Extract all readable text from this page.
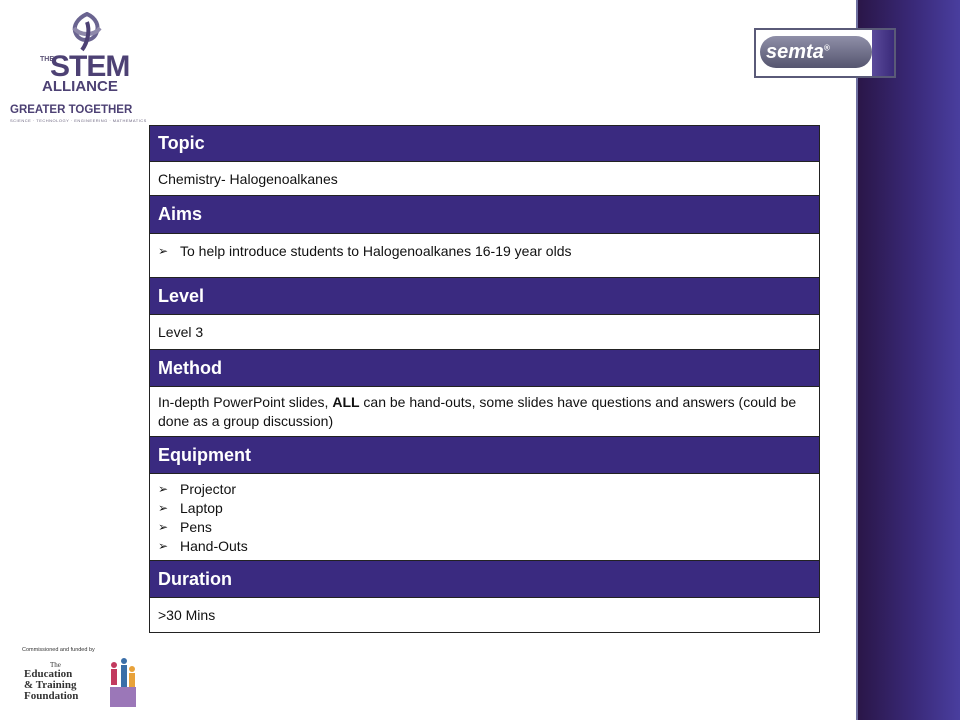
THE
STEM
ALLIANCE
GREATER TOGETHER
SCIENCE · TECHNOLOGY · ENGINEERING · MATHEMATICS
semta®
Topic
Chemistry- Halogenoalkanes
Aims
➢ To help introduce students to Halogenoalkanes 16-19 year olds
Level
Level 3
Method
In-depth PowerPoint slides, ALL can be hand-outs, some slides have questions and answers (could be done as a group discussion)
Equipment
➢ Projector
➢ Laptop
➢ Pens
➢ Hand-Outs
Duration
>30 Mins
Commissioned and funded by
The
Education
& Training
Foundation
